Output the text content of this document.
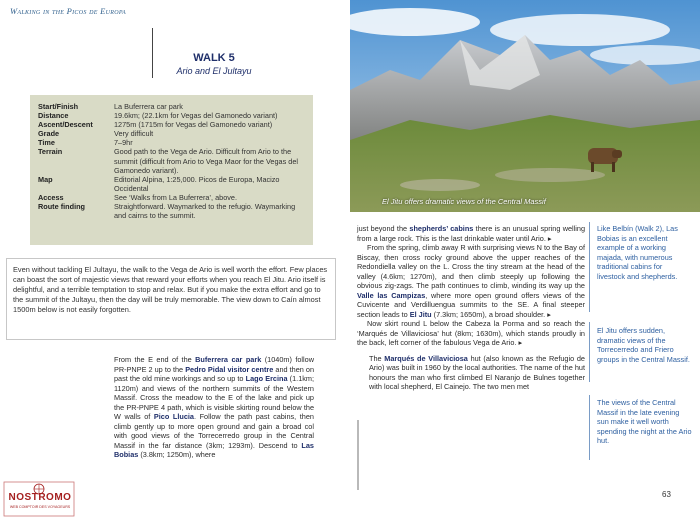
Walking in the Picos de Europa
WALK 5
Ario and El Jultayu
Start/Finish	La Buferrera car park
Distance	19.6km; (22.1km for Vegas del Gamonedo variant)
Ascent/Descent	1275m (1715m for Vegas del Gamonedo variant)
Grade	Very difficult
Time	7–9hr
Terrain	Good path to the Vega de Ario. Difficult from Ario to the summit (difficult from Ario to Vega Maor for the Vegas del Gamonedo variant).
Map	Editorial Alpina, 1:25,000. Picos de Europa, Macizo Occidental
Access	See ‘Walks from La Buferrera’, above.
Route finding	Straightforward. Waymarked to the refugio. Waymarking and cairns to the summit.
Even without tackling El Jultayu, the walk to the Vega de Ario is well worth the effort. Few places can boast the sort of majestic views that reward your efforts when you reach El Jitu. Ario itself is delightful, and a terrible temptation to stop and relax. But if you make the extra effort and go to the summit of the Jultayu, then the day will be truly memorable. The view down to Caín almost 1500m below is not easily forgotten.
From the E end of the Buferrera car park (1040m) follow PR-PNPE 2 up to the Pedro Pidal visitor centre and then on past the old mine workings and so up to Lago Ercina (1.1km; 1120m) and views of the northern summits of the Western Massif. Cross the meadow to the E of the lake and pick up the PR-PNPE 4 path, which is visible skirting round below the W walls of Pico Llucia. Follow the path past cabins, then climb gently up to more open ground and gain a broad col with good views of the Torrecerredo group in the Central Massif in the far distance (3km; 1293m). Descend to Las Bobias (3.8km; 1250m), where
El Jitu offers dramatic views of the Central Massif

just beyond the shepherds’ cabins there is an unusual spring welling from a large rock. This is the last drinkable water until Ario. ▸

From the spring, climb away R with surprising views N to the Bay of Biscay, then cross rocky ground above the upper reaches of the Redondiella valley on the L. Cross the tiny stream at the head of the valley (4.6km; 1270m), and then climb steeply up following the obvious zig-zags. The path continues to climb, winding its way up the Valle las Campizas, where more open ground offers views of the Cuvicente and Verdilluengua summits to the SE. A final steeper section leads to El Jitu (7.3km; 1650m), a broad shoulder. ▸

Now skirt round L below the Cabeza la Porma and so reach the ‘Marqués de Villaviciosa’ hut (8km; 1630m), which stands proudly in the back, left corner of the fabulous Vega de Ario. ▸

The Marqués de Villaviciosa hut (also known as the Refugio de Ario) was built in 1960 by the local authorities. The name of the hut honours the man who first climbed El Naranjo de Bulnes together with local shepherd, El Cainejo. The two men met

Like Belbín (Walk 2), Las Bobias is an excellent example of a working majada, with numerous traditional cabins for livestock and shepherds.
El Jitu offers sudden, dramatic views of the Torrecerredo and Friero groups in the Central Massif.
The views of the Central Massif in the late evening sun make it well worth spending the night at the Ario hut.
63
NOSTROMO
WEB COMPTOIR DES VOYAGEURS
